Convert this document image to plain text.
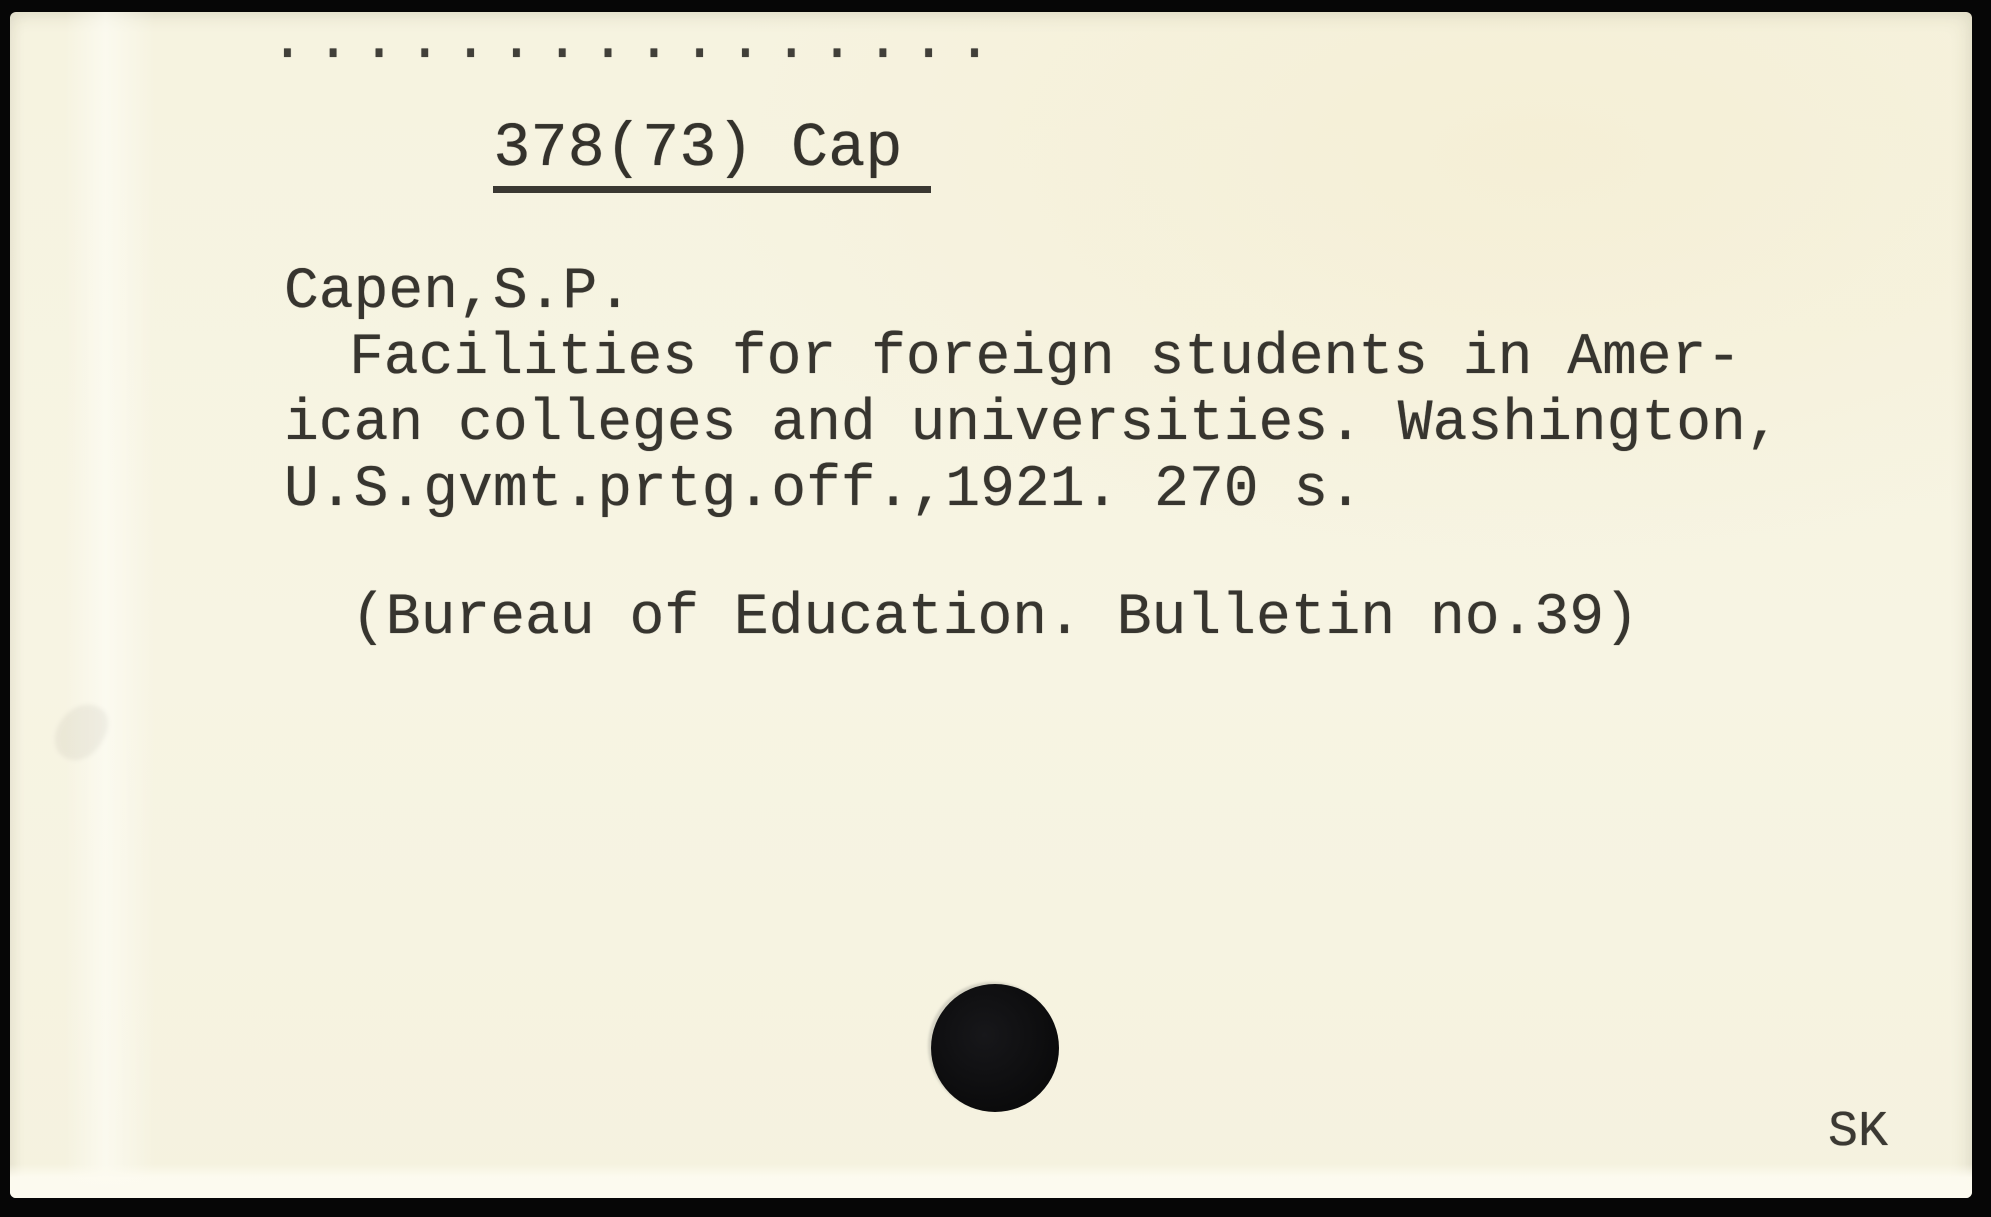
................

378(73) Cap

Capen,S.P.
Facilities for foreign students in Amer-
ican colleges and universities. Washington,
U.S.gvmt.prtg.off.,1921. 270 s.
(Bureau of Education. Bulletin no.39)
SK
